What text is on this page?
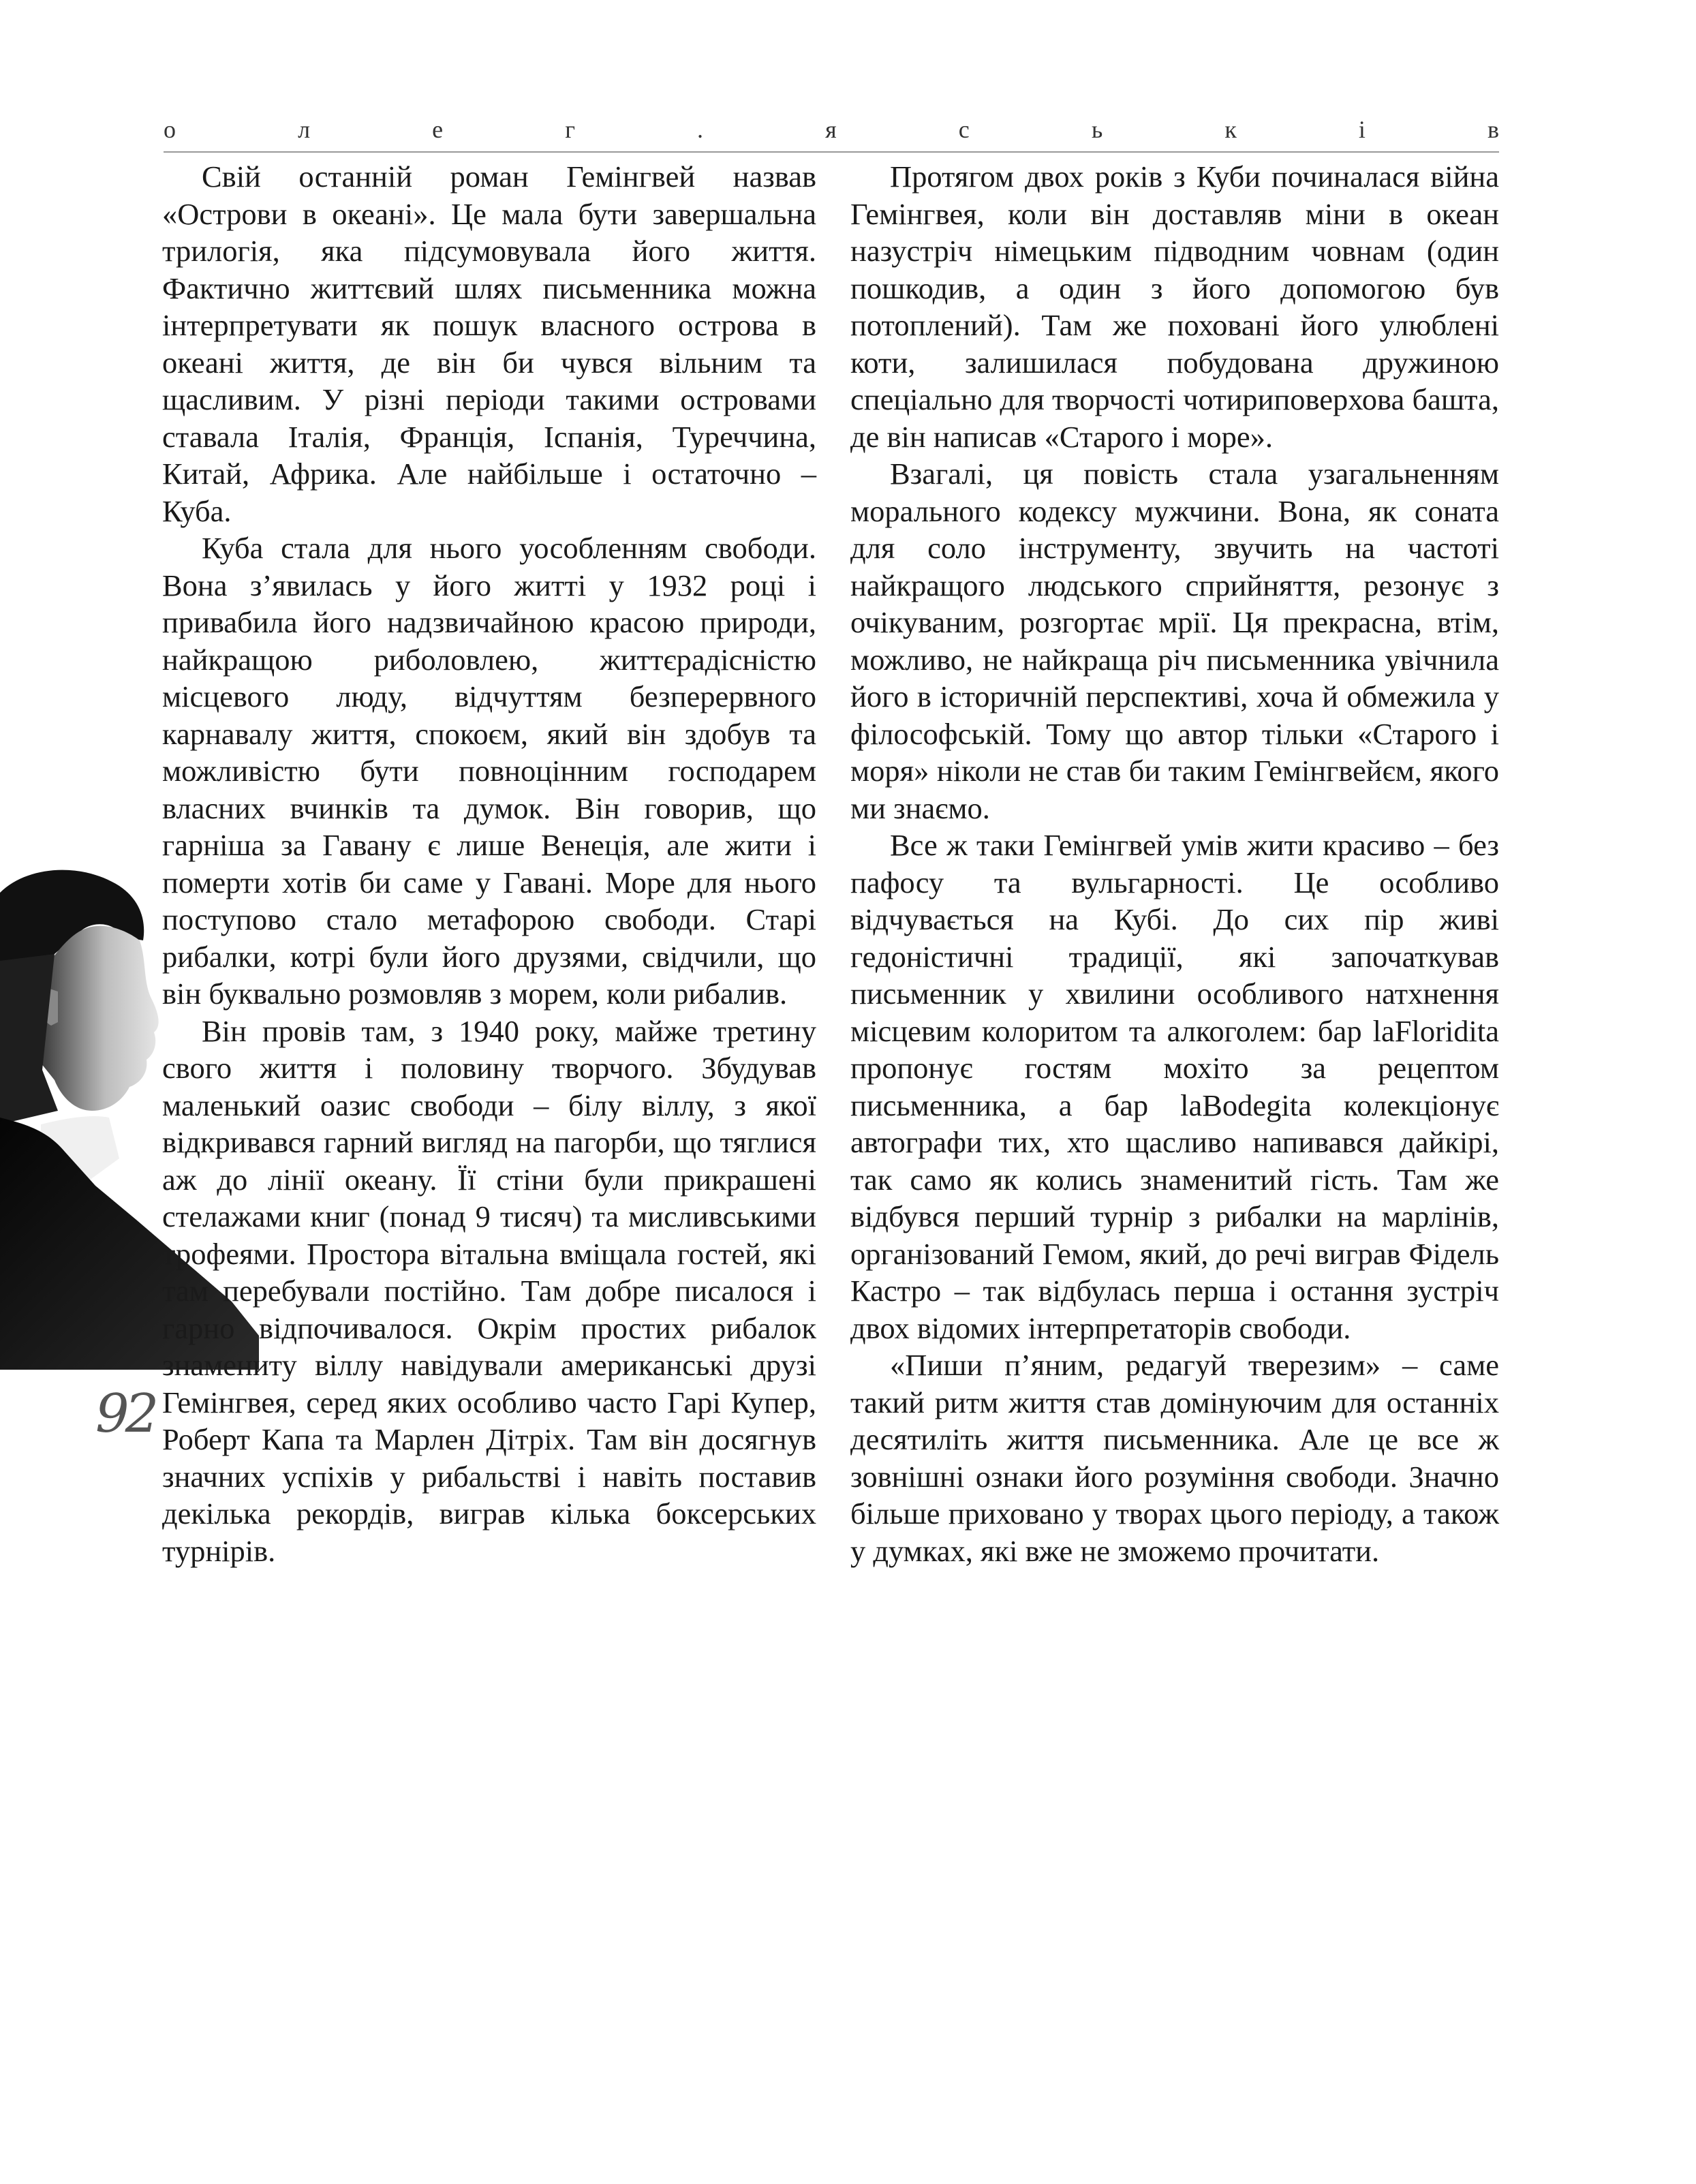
о	л	е	г	.	я	с	ь	к	і	в

Свій останній роман Гемінгвей назвав «Острови в океані». Це мала бути завершальна трилогія, яка підсумовувала його життя. Фактично життєвий шлях письменника можна інтерпретувати як пошук власного острова в океані життя, де він би чувся вільним та щасливим. У різні періоди такими островами ставала Італія, Франція, Іспанія, Туреччина, Китай, Африка. Але найбільше і остаточно – Куба.

Куба стала для нього уособленням свободи. Вона з’явилась у його житті у 1932 році і привабила його надзвичайною красою природи, найкращою риболовлею, життєрадісністю місцевого люду, відчуттям безперервного карнавалу життя, спокоєм, який він здобув та можливістю бути повноцінним господарем власних вчинків та думок. Він говорив, що гарніша за Гавану є лише Венеція, але жити і померти хотів би саме у Гавані. Море для нього поступово стало метафорою свободи. Старі рибалки, котрі були його друзями, свідчили, що він буквально розмовляв з морем, коли рибалив.

Він провів там, з 1940 року, майже третину свого життя і половину творчого. Збудував маленький оазис свободи – білу віллу, з якої відкривався гарний вигляд на пагорби, що тяглися аж до лінії океану. Її стіни були прикрашені стелажами книг (понад 9 тисяч) та мисливськими трофеями. Простора вітальна вміщала гостей, які там перебували постійно. Там добре писалося і гарно відпочивалося. Окрім простих рибалок знамениту віллу навідували американські друзі Гемінгвея, серед яких особливо часто Гарі Купер, Роберт Капа та Марлен Дітріх. Там він досягнув значних успіхів у рибальстві і навіть поставив декілька рекордів, виграв кілька боксерських турнірів.

Протягом двох років з Куби починалася війна Гемінгвея, коли він доставляв міни в океан назустріч німецьким підводним човнам (один пошкодив, а один з його допомогою був потоплений). Там же поховані його улюблені коти, залишилася побудована дружиною спеціально для творчості чотириповерхова башта, де він написав «Старого і море».

Взагалі, ця повість стала узагальненням морального кодексу мужчини. Вона, як соната для соло інструменту, звучить на частоті найкращого людського сприйняття, резонує з очікуваним, розгортає мрії. Ця прекрасна, втім, можливо, не найкраща річ письменника увічнила його в історичній перспективі, хоча й обмежила у філософській. Тому що автор тільки «Старого і моря» ніколи не став би таким Гемінгвейєм, якого ми знаємо.

Все ж таки Гемінгвей умів жити красиво – без пафосу та вульгарності. Це особливо відчувається на Кубі. До сих пір живі гедоністичні традиції, які започаткував письменник у хвилини особливого натхнення місцевим колоритом та алкоголем: бар laFloridita пропонує гостям мохіто за рецептом письменника, а бар laBodegita колекціонує автографи тих, хто щасливо напивався дайкірі, так само як колись знаменитий гість. Там же відбувся перший турнір з рибалки на марлінів, організований Гемом, який, до речі виграв Фідель Кастро – так відбулась перша і остання зустріч двох відомих інтерпретаторів свободи.

«Пиши п’яним, редагуй тверезим» – саме такий ритм життя став домінуючим для останніх десятиліть життя письменника. Але це все ж зовнішні ознаки його розуміння свободи. Значно більше приховано у творах цього періоду, а також у думках, які вже не зможемо прочитати.

92
